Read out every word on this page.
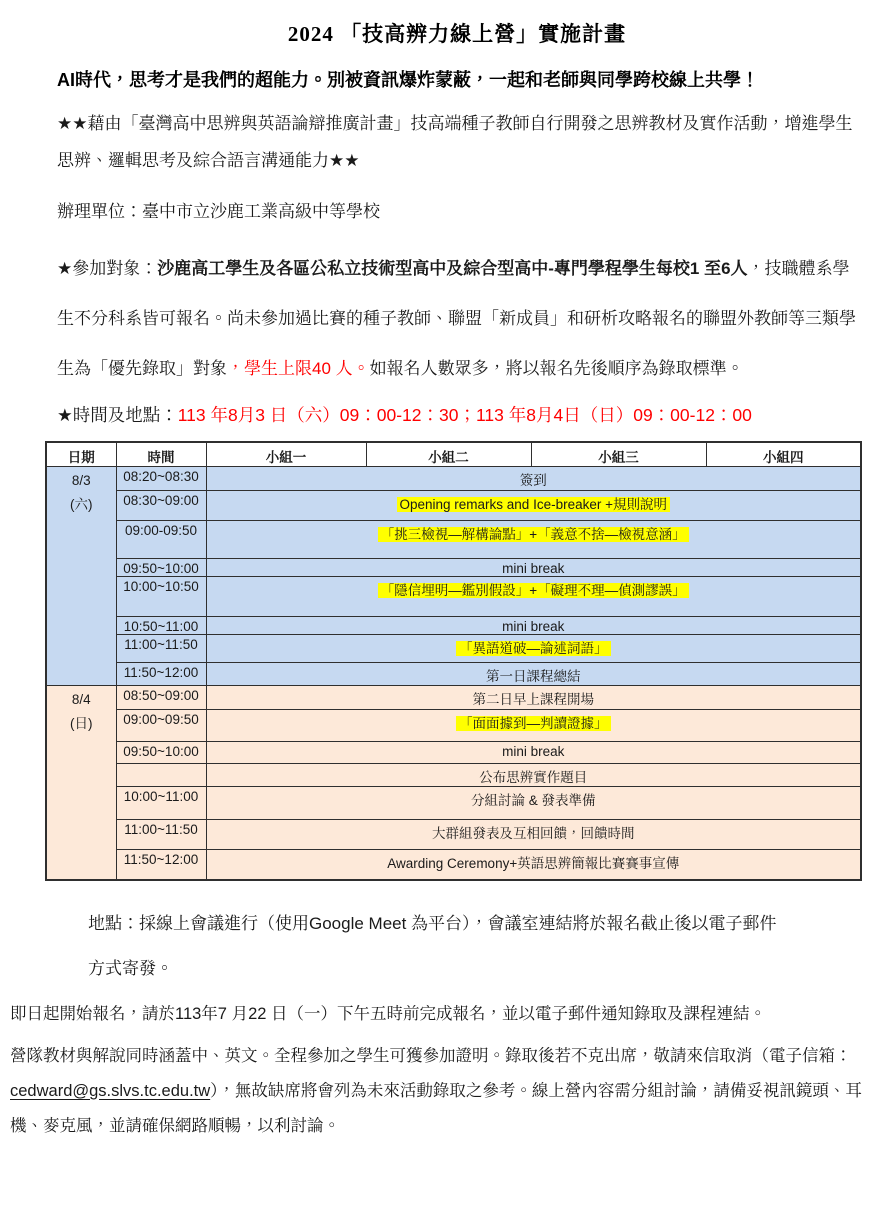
2024 「技高辨力線上營」實施計畫

AI時代，思考才是我們的超能力。別被資訊爆炸蒙蔽，一起和老師與同學跨校線上共學！

★★藉由「臺灣高中思辨與英語論辯推廣計畫」技高端種子教師自行開發之思辨教材及實作活動，增進學生思辨、邏輯思考及綜合語言溝通能力★★

辦理單位：臺中市立沙鹿工業高級中等學校

★參加對象：沙鹿高工學生及各區公私立技術型高中及綜合型高中-專門學程學生每校1 至6人，技職體系學生不分科系皆可報名。尚未參加過比賽的種子教師、聯盟「新成員」和研析攻略報名的聯盟外教師等三類學生為「優先錄取」對象，學生上限40 人。如報名人數眾多，將以報名先後順序為錄取標準。

★時間及地點：113 年8月3 日（六）09：00-12：30；113 年8月4日（日）09：00-12：00

日期	時間	小組一	小組二	小組三	小組四

8/3
(六)	08:20~08:30	簽到			
	08:30~09:00	Opening remarks and Ice-breaker +規則說明			
	09:00-09:50	「挑三檢視—解構論點」+「義意不捨—檢視意涵」			
	09:50~10:00	mini break			
	10:00~10:50	「隱信埋明—鑑別假設」+「礙理不理—偵測謬誤」			
	10:50~11:00	mini break			
	11:00~11:50	「異語道破—論述詞語」			
	11:50~12:00	第一日課程總結			

8/4
(日)	08:50~09:00	第二日早上課程開場			
	09:00~09:50	「面面據到—判讀證據」			
	09:50~10:00	mini break			
		公布思辨實作題目			
	10:00~11:00	分組討論 & 發表準備			
	11:00~11:50	大群組發表及互相回饋，回饋時間			
	11:50~12:00	Awarding Ceremony+英語思辨簡報比賽賽事宣傳			

地點：採線上會議進行（使用Google Meet 為平台），會議室連結將於報名截止後以電子郵件方式寄發。

即日起開始報名，請於113年7 月22 日（一）下午五時前完成報名，並以電子郵件通知錄取及課程連結。

營隊教材與解說同時涵蓋中、英文。全程參加之學生可獲參加證明。錄取後若不克出席，敬請來信取消（電子信箱：cedward@gs.slvs.tc.edu.tw），無故缺席將會列為未來活動錄取之參考。線上營內容需分組討論，請備妥視訊鏡頭、耳機、麥克風，並請確保網路順暢，以利討論。
